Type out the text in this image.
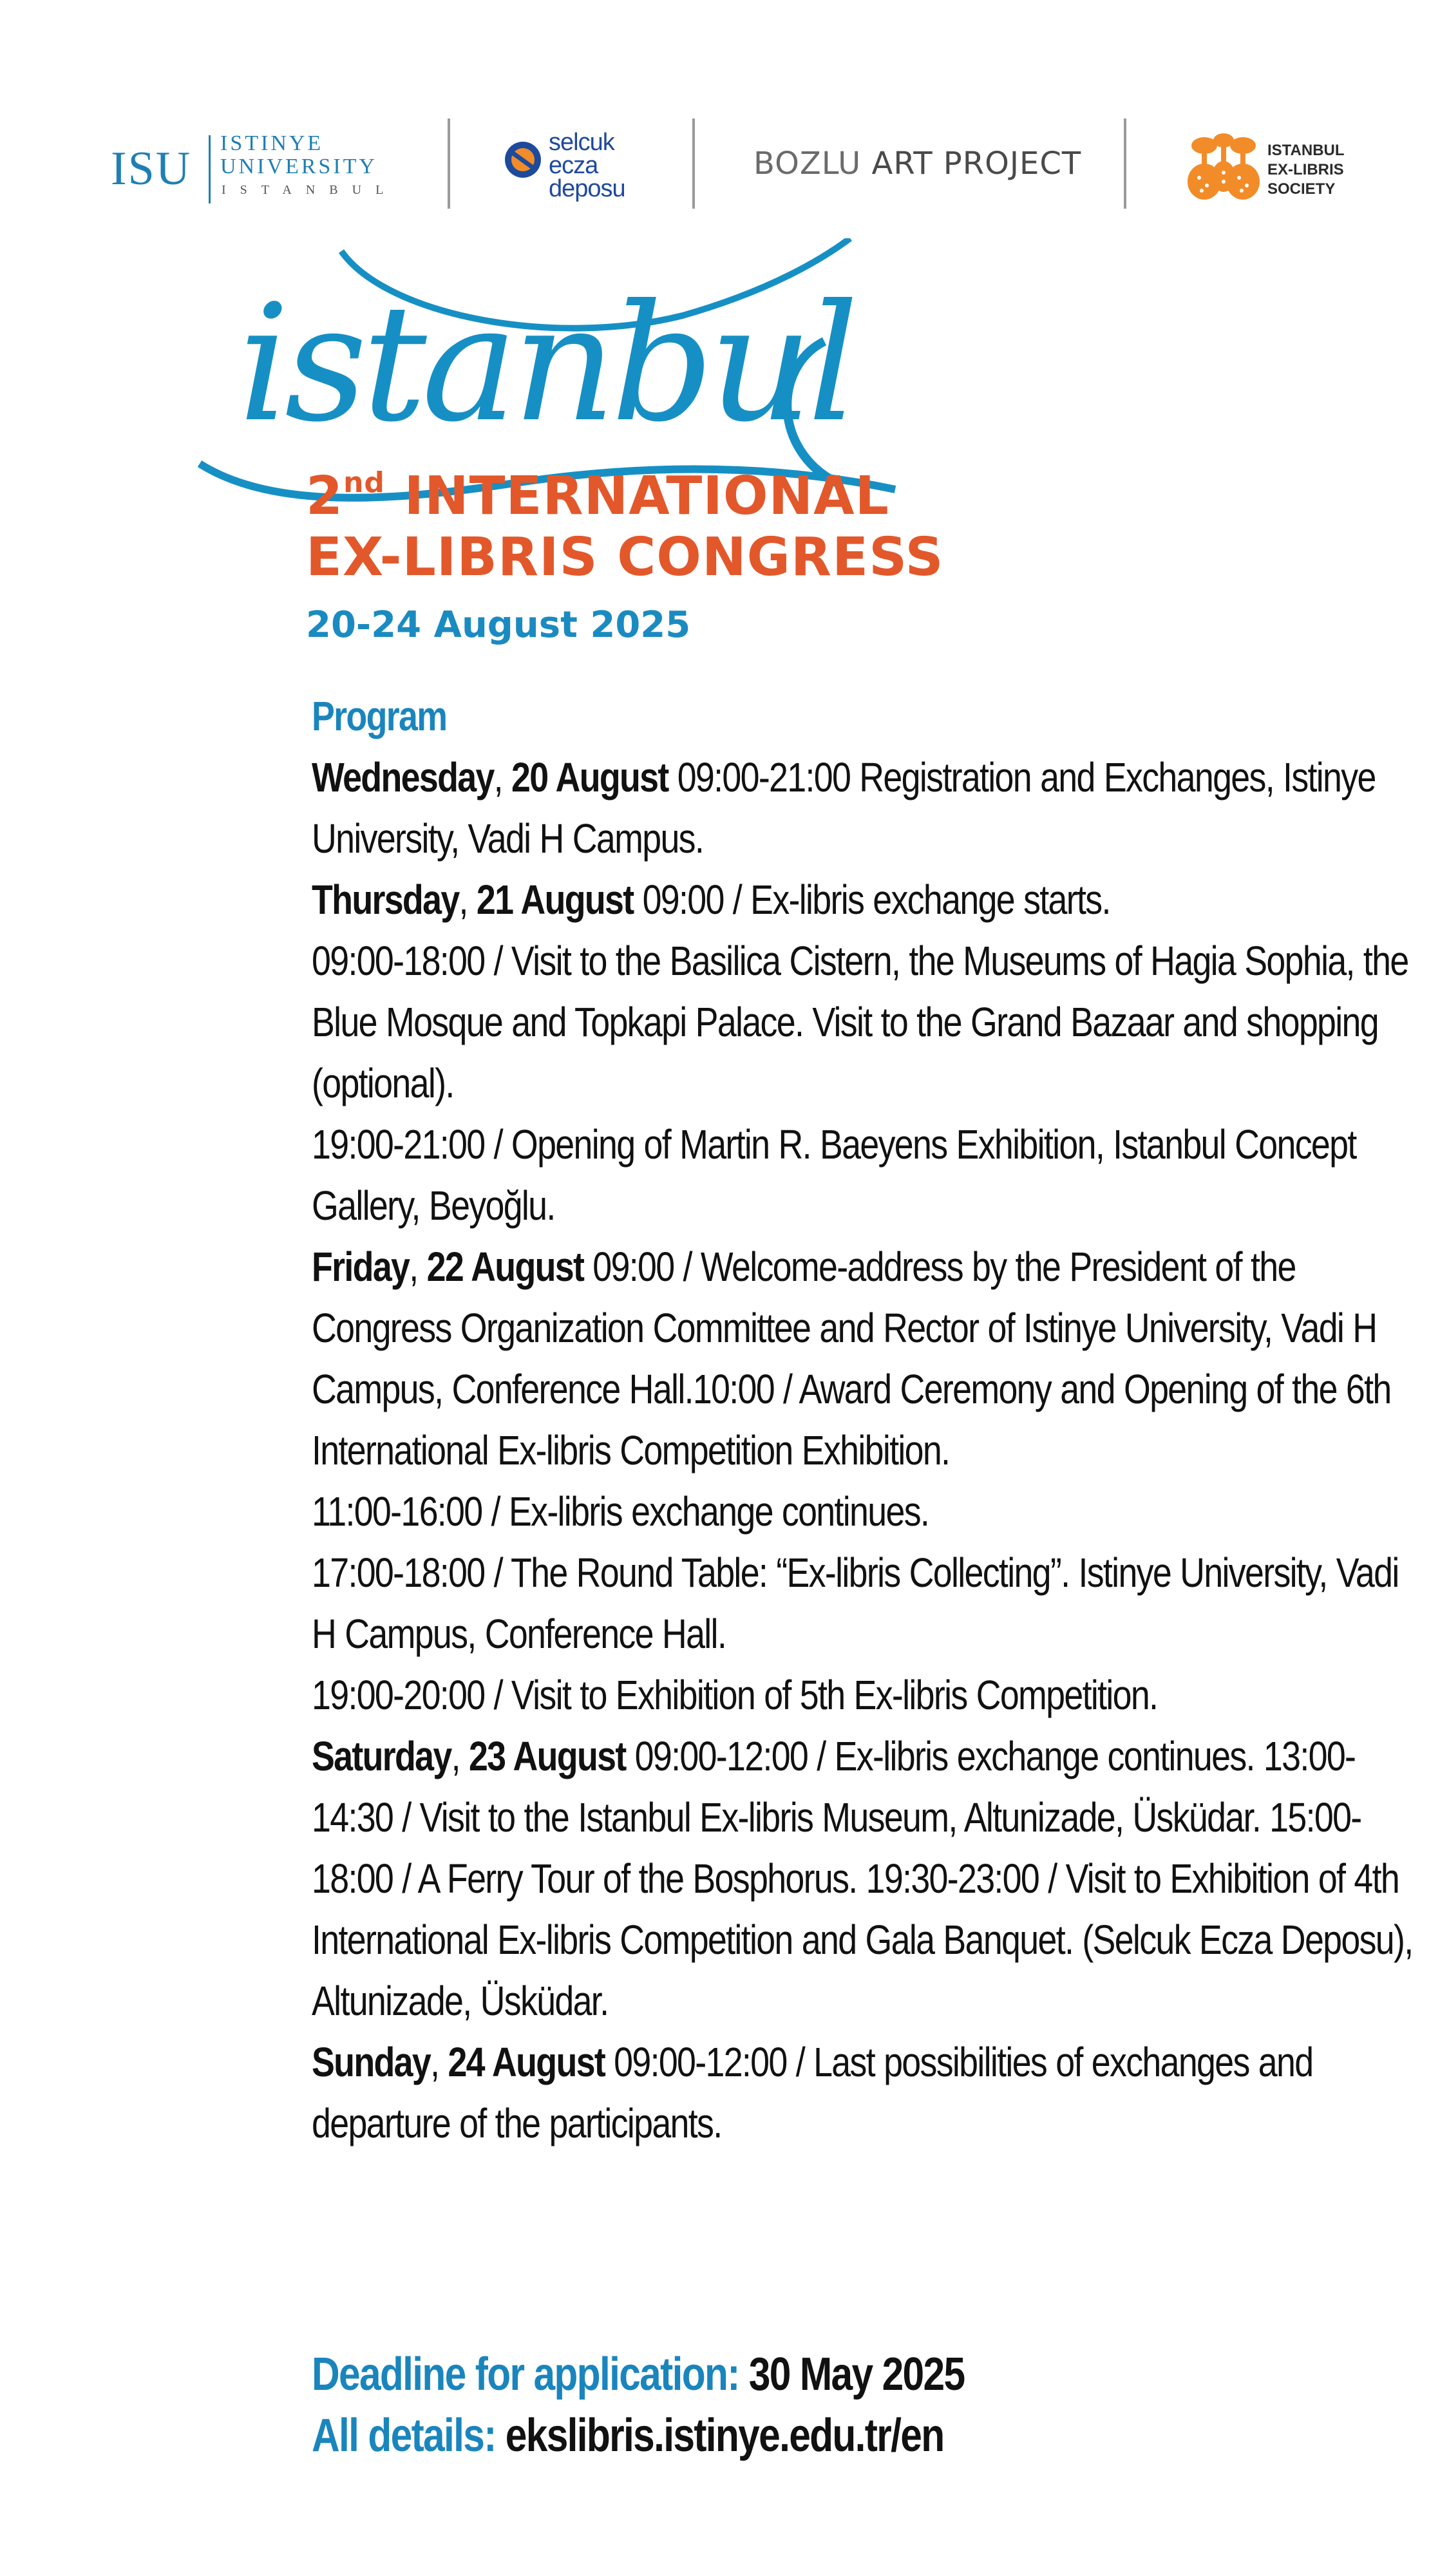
ISU ISTINYE
UNIVERSITY
ISTANBUL
selcuk
ecza
deposu
BOZLU ART PROJECT	ISTANBUL
EX-LIBRIS
SOCIETY
istanbul
2nd INTERNATIONAL
EX-LIBRIS CONGRESS
20-24 August 2025

Program

Wednesday, 20 August 09:00-21:00 Registration and Exchanges, Istinye University, Vadi H Campus.

Thursday, 21 August 09:00 / Ex-libris exchange starts.

09:00-18:00 / Visit to the Basilica Cistern, the Museums of Hagia Sophia, the Blue Mosque and Topkapi Palace. Visit to the Grand Bazaar and shopping (optional).

19:00-21:00 / Opening of Martin R. Baeyens Exhibition, Istanbul Concept Gallery, Beyoğlu.

Friday, 22 August 09:00 / Welcome-address by the President of the Congress Organization Committee and Rector of Istinye University, Vadi H Campus, Conference Hall.10:00 / Award Ceremony and Opening of the 6th International Ex-libris Competition Exhibition.

11:00-16:00 / Ex-libris exchange continues.

17:00-18:00 / The Round Table: “Ex-libris Collecting”. Istinye University, Vadi H Campus, Conference Hall.

19:00-20:00 / Visit to Exhibition of 5th Ex-libris Competition.

Saturday, 23 August 09:00-12:00 / Ex-libris exchange continues. 13:00-14:30 / Visit to the Istanbul Ex-libris Museum, Altunizade, Üsküdar. 15:00-18:00 / A Ferry Tour of the Bosphorus. 19:30-23:00 / Visit to Exhibition of 4th International Ex-libris Competition and Gala Banquet. (Selcuk Ecza Deposu), Altunizade, Üsküdar.

Sunday, 24 August 09:00-12:00 / Last possibilities of exchanges and departure of the participants.

Deadline for application: 30 May 2025
All details: ekslibris.istinye.edu.tr/en
